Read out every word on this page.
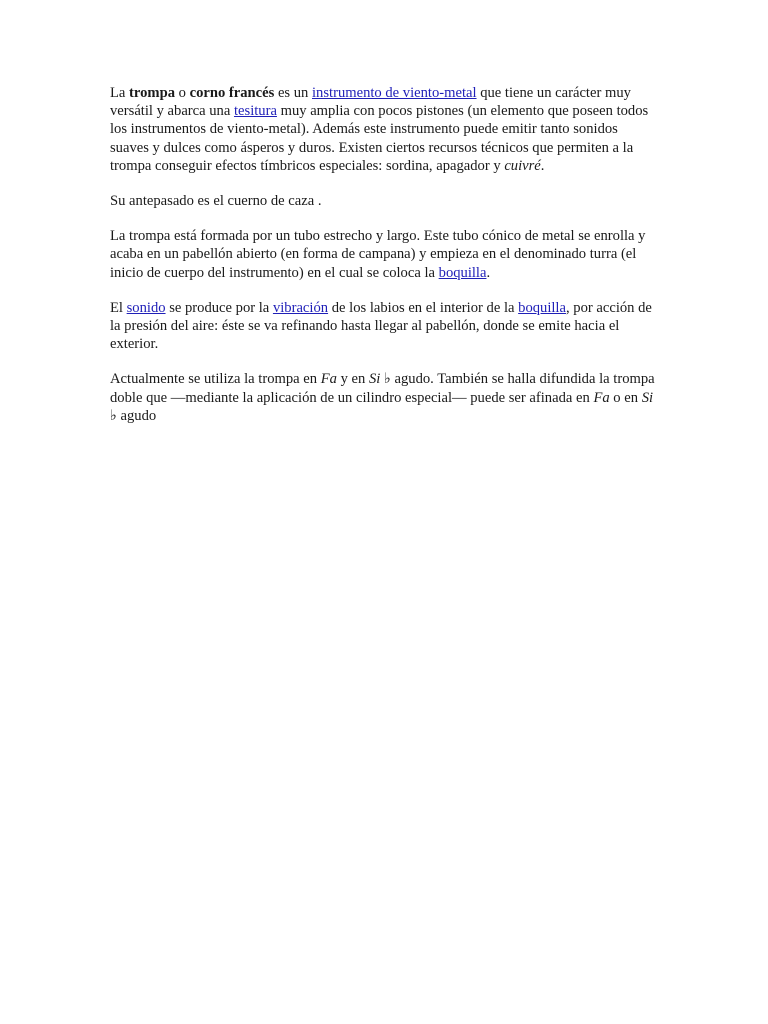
La trompa o corno francés es un instrumento de viento-metal que tiene un carácter muy versátil y abarca una tesitura muy amplia con pocos pistones (un elemento que poseen todos los instrumentos de viento-metal). Además este instrumento puede emitir tanto sonidos suaves y dulces como ásperos y duros. Existen ciertos recursos técnicos que permiten a la trompa conseguir efectos tímbricos especiales: sordina, apagador y cuivré.

Su antepasado es el cuerno de caza .

La trompa está formada por un tubo estrecho y largo. Este tubo cónico de metal se enrolla y acaba en un pabellón abierto (en forma de campana) y empieza en el denominado turra (el inicio de cuerpo del instrumento) en el cual se coloca la boquilla.

El sonido se produce por la vibración de los labios en el interior de la boquilla, por acción de la presión del aire: éste se va refinando hasta llegar al pabellón, donde se emite hacia el exterior.

Actualmente se utiliza la trompa en Fa y en Si ♭ agudo. También se halla difundida la trompa doble que —mediante la aplicación de un cilindro especial— puede ser afinada en Fa o en Si ♭ agudo
